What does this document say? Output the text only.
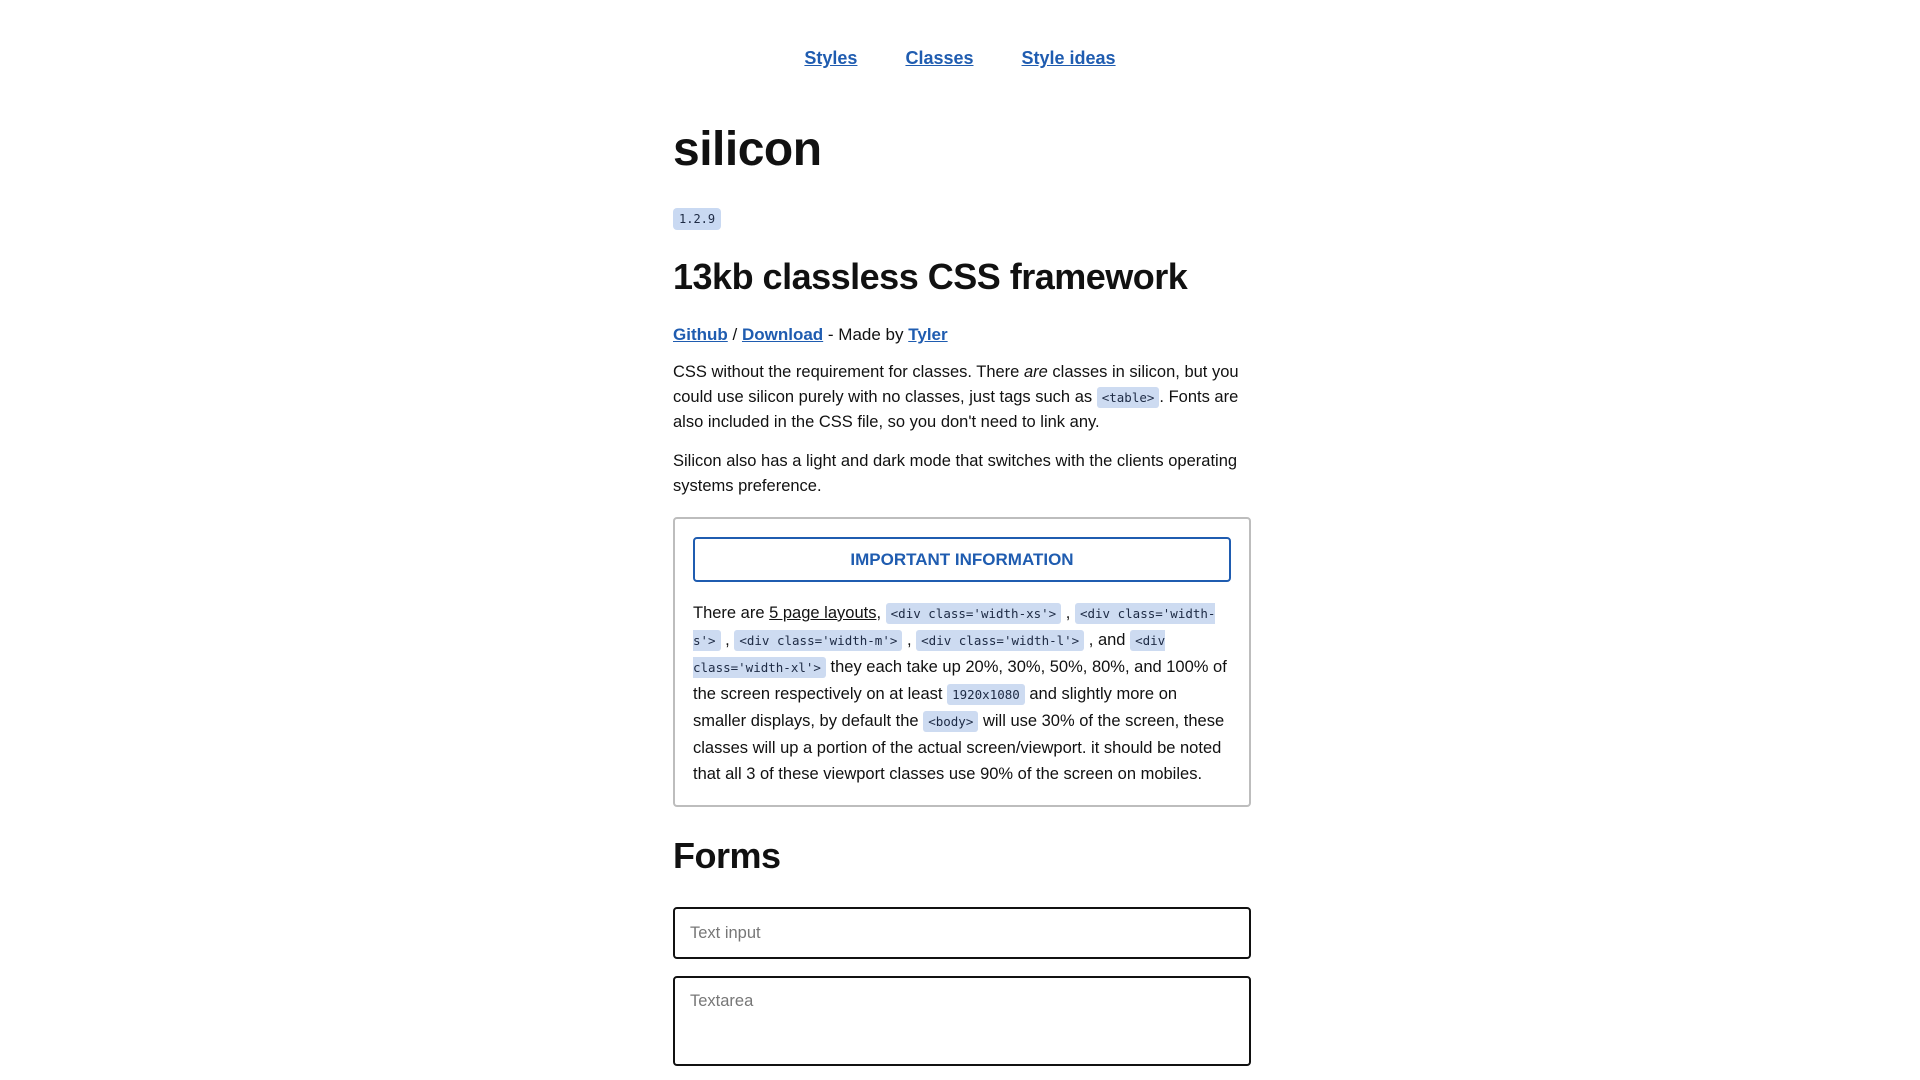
Styles	Classes	Style ideas
silicon
1.2.9
13kb classless CSS framework
Github / Download - Made by Tyler

CSS without the requirement for classes. There are classes in silicon, but you could use silicon purely with no classes, just tags such as <table> . Fonts are also included in the CSS file, so you don't need to link any.

Silicon also has a light and dark mode that switches with the clients operating systems preference.

IMPORTANT INFORMATION
There are 5 page layouts, <div class='width-xs'> , <div class='width-s'> , <div class='width-m'> , <div class='width-l'> , and <div class='width-xl'> they each take up 20%, 30%, 50%, 80%, and 100% of the screen respectively on at least 1920x1080 and slightly more on smaller displays, by default the <body> will use 30% of the screen, these classes will up a portion of the actual screen/viewport. it should be noted that all 3 of these viewport classes use 90% of the screen on mobiles.
Forms
Text input
Textarea
